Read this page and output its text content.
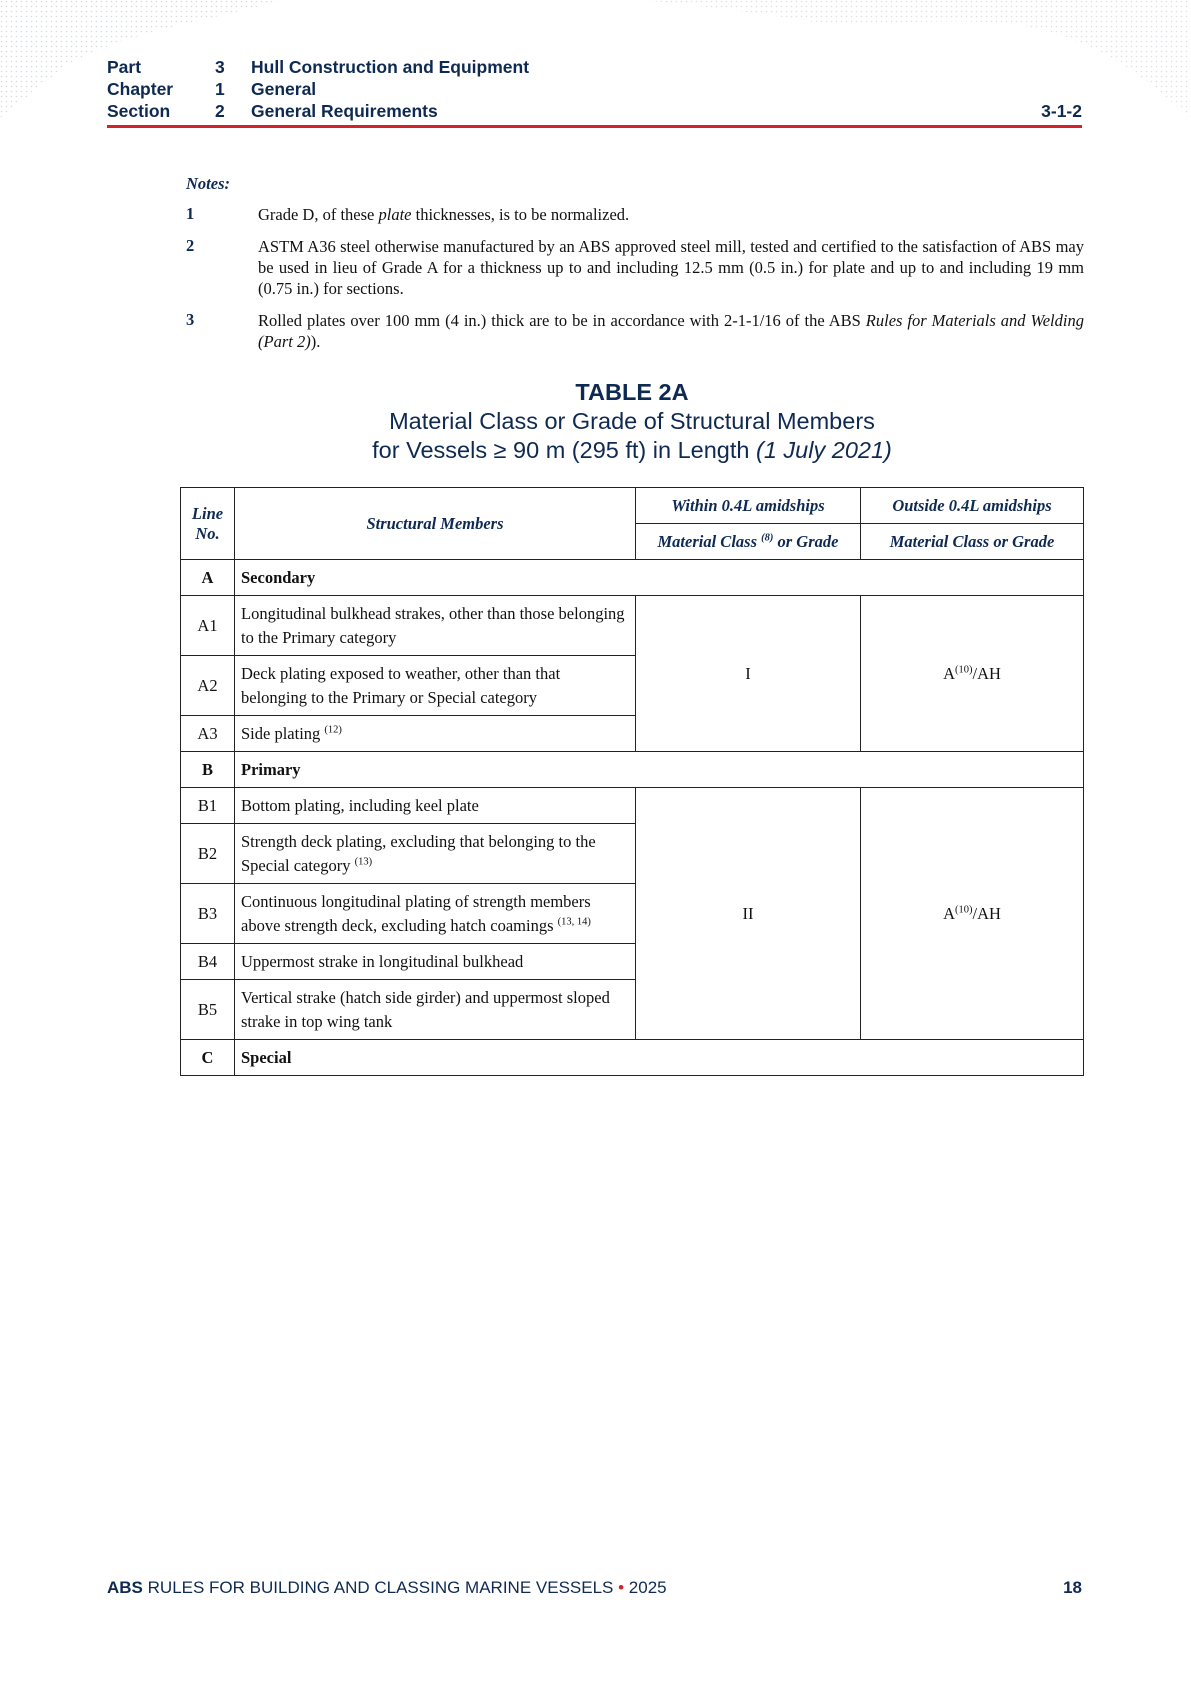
Part	3	Hull Construction and Equipment
Chapter	1	General
Section	2	General Requirements	3-1-2
Notes:
1	Grade D, of these plate thicknesses, is to be normalized.
2	ASTM A36 steel otherwise manufactured by an ABS approved steel mill, tested and certified to the satisfaction of ABS may be used in lieu of Grade A for a thickness up to and including 12.5 mm (0.5 in.) for plate and up to and including 19 mm (0.75 in.) for sections.
3	Rolled plates over 100 mm (4 in.) thick are to be in accordance with 2-1-1/16 of the ABS Rules for Materials and Welding (Part 2)).
TABLE 2A
Material Class or Grade of Structural Members
for Vessels ≥ 90 m (295 ft) in Length (1 July 2021)
Line No.	Structural Members	Within 0.4L amidships	Outside 0.4L amidships
		Material Class $^{(8)}$ or Grade	Material Class or Grade
A	Secondary		
A1	Longitudinal bulkhead strakes, other than those belonging to the Primary category	I	$A^{(10)}/AH$
A2	Deck plating exposed to weather, other than that belonging to the Primary or Special category		
A3	Side plating $^{(12)}$
B	Primary		
B1	Bottom plating, including keel plate	II	$A^{(10)}/AH$
B2	Strength deck plating, excluding that belonging to the Special category $^{(13)}$
B3	Continuous longitudinal plating of strength members above strength deck, excluding hatch coamings $^{(13, 14)}$
B4	Uppermost strake in longitudinal bulkhead		
B5	Vertical strake (hatch side girder) and uppermost sloped strake in top wing tank		
C	Special		
ABS RULES FOR BUILDING AND CLASSING MARINE VESSELS • 2025	18
